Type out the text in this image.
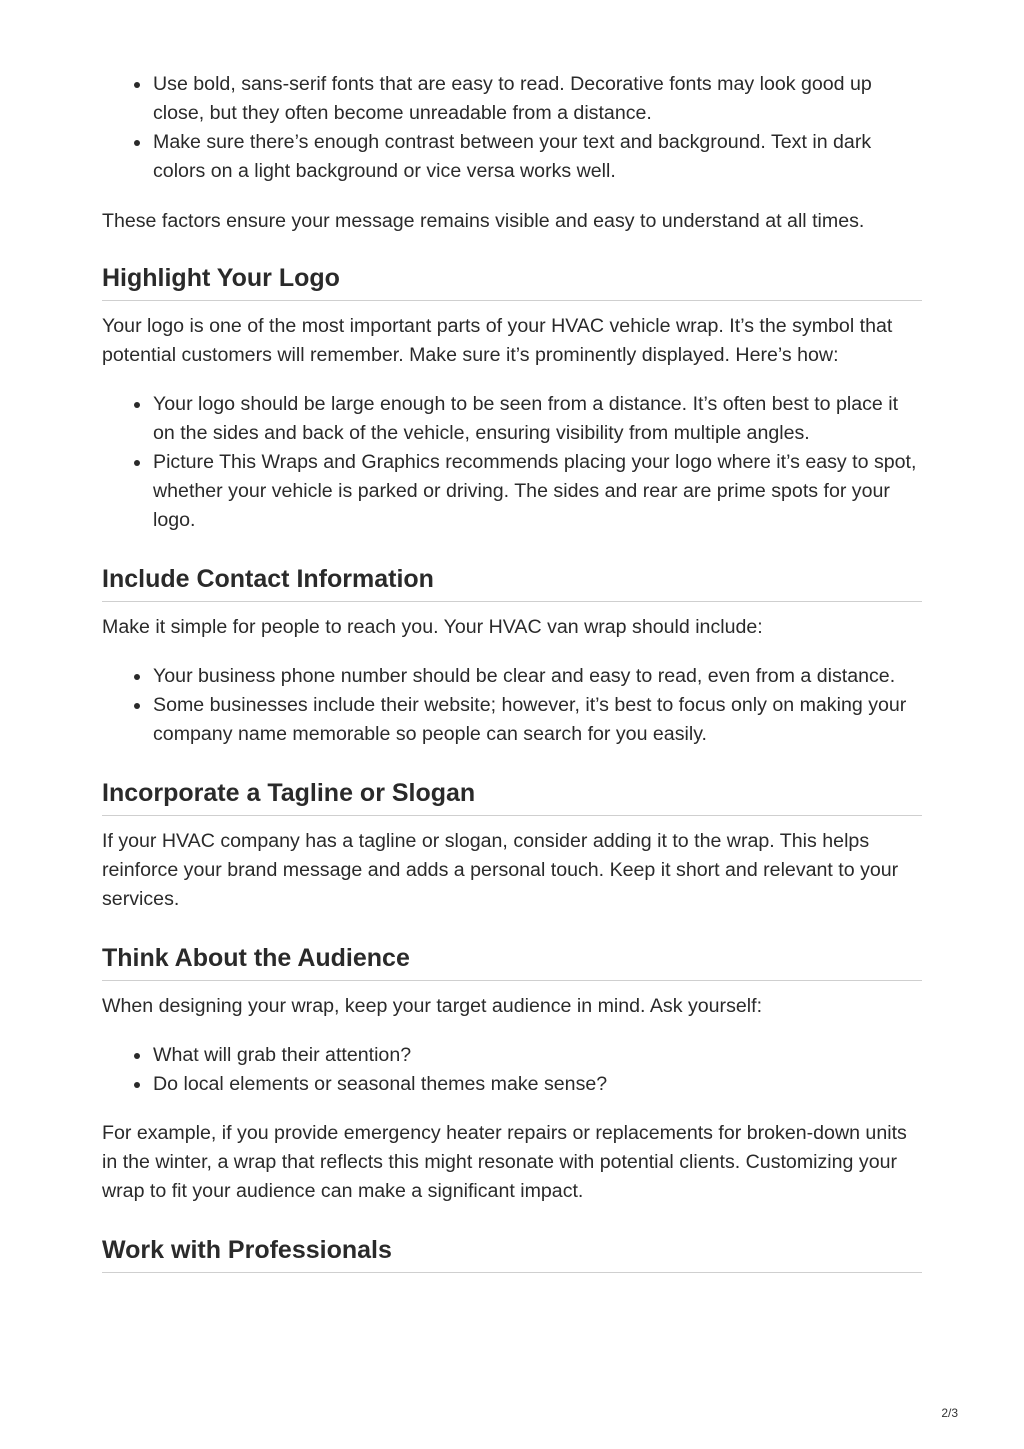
Use bold, sans-serif fonts that are easy to read. Decorative fonts may look good up close, but they often become unreadable from a distance.
Make sure there’s enough contrast between your text and background. Text in dark colors on a light background or vice versa works well.

These factors ensure your message remains visible and easy to understand at all times.

Highlight Your Logo

Your logo is one of the most important parts of your HVAC vehicle wrap. It’s the symbol that potential customers will remember. Make sure it’s prominently displayed. Here’s how:

Your logo should be large enough to be seen from a distance. It’s often best to place it on the sides and back of the vehicle, ensuring visibility from multiple angles.
Picture This Wraps and Graphics recommends placing your logo where it’s easy to spot, whether your vehicle is parked or driving. The sides and rear are prime spots for your logo.
Include Contact Information

Make it simple for people to reach you. Your HVAC van wrap should include:

Your business phone number should be clear and easy to read, even from a distance.
Some businesses include their website; however, it’s best to focus only on making your company name memorable so people can search for you easily.
Incorporate a Tagline or Slogan

If your HVAC company has a tagline or slogan, consider adding it to the wrap. This helps reinforce your brand message and adds a personal touch. Keep it short and relevant to your services.

Think About the Audience

When designing your wrap, keep your target audience in mind. Ask yourself:

What will grab their attention?
Do local elements or seasonal themes make sense?

For example, if you provide emergency heater repairs or replacements for broken-down units in the winter, a wrap that reflects this might resonate with potential clients. Customizing your wrap to fit your audience can make a significant impact.

Work with Professionals
2/3
